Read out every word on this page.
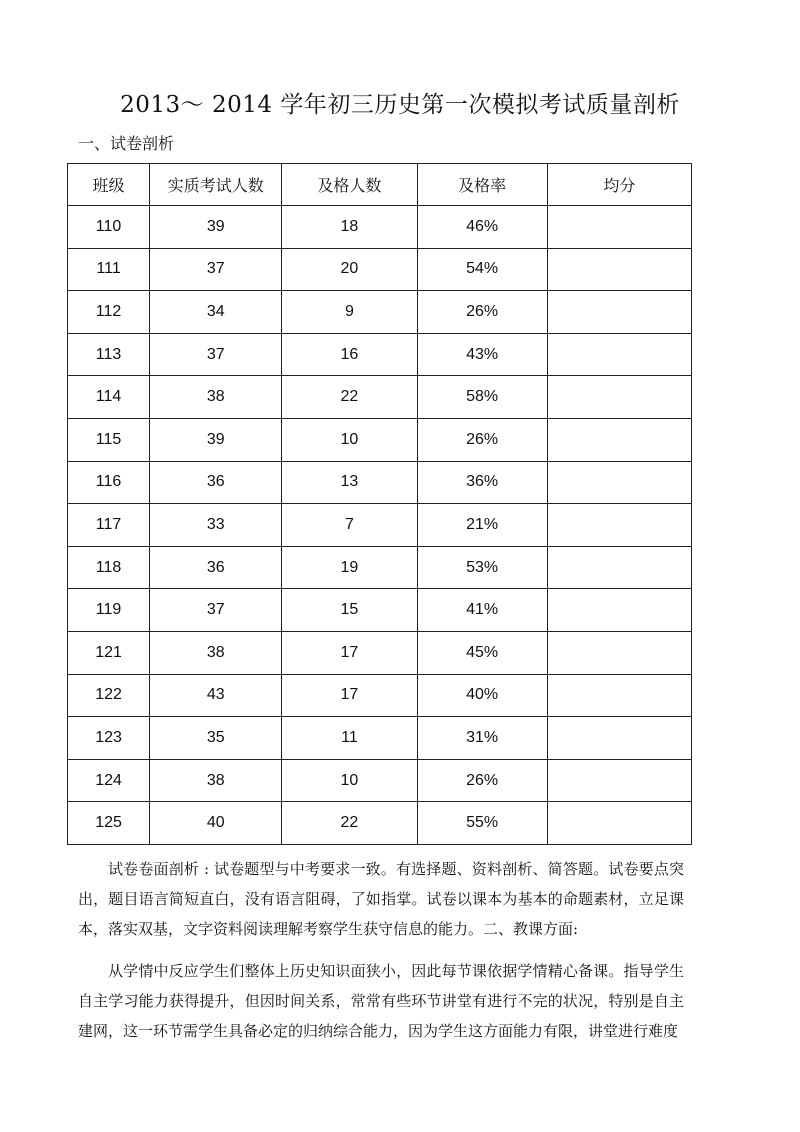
2013～ 2014 学年初三历史第一次模拟考试质量剖析
一、试卷剖析
班级	实质考试人数	及格人数	及格率	均分
110	39	18	46%	
111	37	20	54%	
112	34	9	26%	
113	37	16	43%	
114	38	22	58%	
115	39	10	26%	
116	36	13	36%	
117	33	7	21%	
118	36	19	53%	
119	37	15	41%	
121	38	17	45%	
122	43	17	40%	
123	35	11	31%	
124	38	10	26%	
125	40	22	55%	
试卷卷面剖析 : 试卷题型与中考要求一致。有选择题、资料剖析、简答题。试卷要点突出，题目语言简短直白，没有语言阻碍，了如指掌。试卷以课本为基本的命题素材，立足课本，落实双基，文字资料阅读理解考察学生获守信息的能力。二、教课方面:
从学情中反应学生们整体上历史知识面狭小，因此每节课依据学情精心备课。指导学生自主学习能力获得提升，但因时间关系，常常有些环节讲堂有进行不完的状况，特别是自主建网，这一环节需学生具备必定的归纳综合能力，因为学生这方面能力有限，讲堂进行难度
